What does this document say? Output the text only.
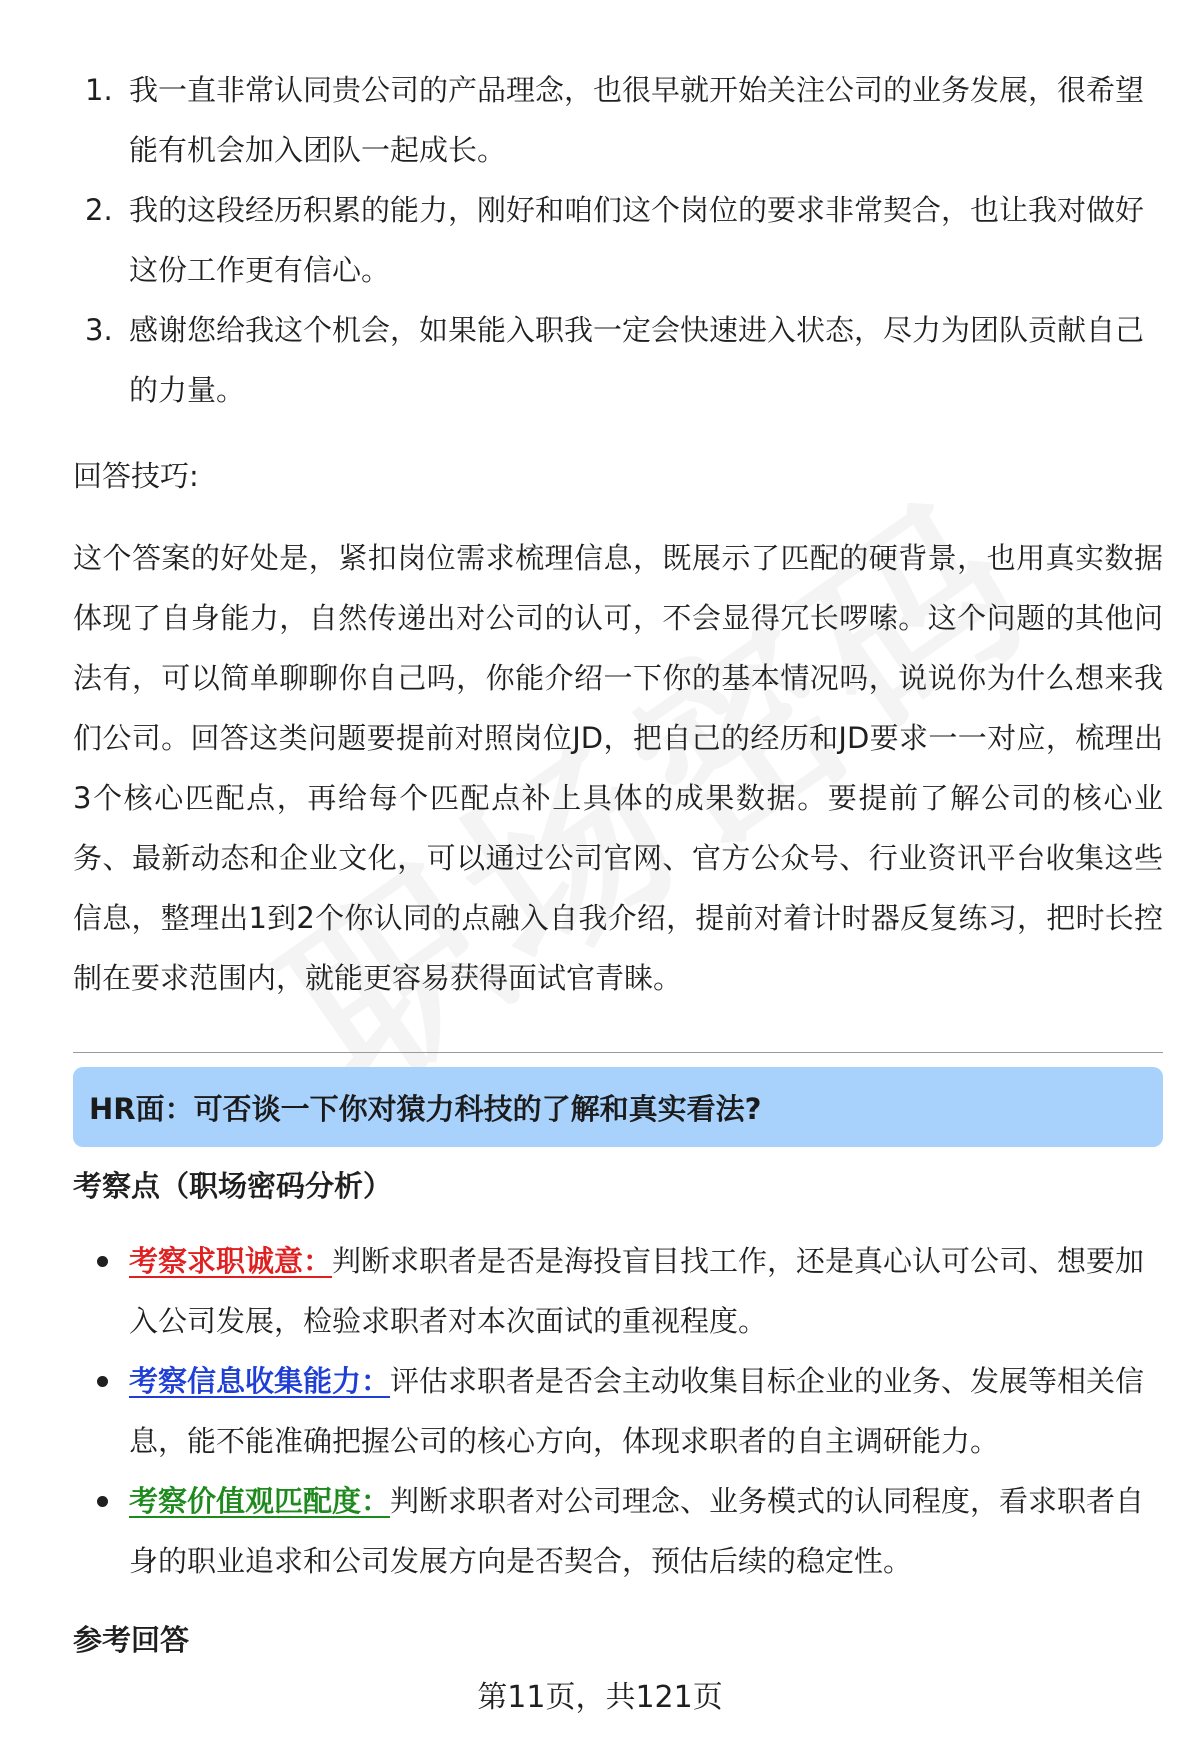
1. 我一直非常认同贵公司的产品理念，也很早就开始关注公司的业务发展，很希望能有机会加入团队一起成长。
2. 我的这段经历积累的能力，刚好和咱们这个岗位的要求非常契合，也让我对做好这份工作更有信心。
3. 感谢您给我这个机会，如果能入职我一定会快速进入状态，尽力为团队贡献自己的力量。
回答技巧:
这个答案的好处是，紧扣岗位需求梳理信息，既展示了匹配的硬背景，也用真实数据体现了自身能力，自然传递出对公司的认可，不会显得冗长啰嗦。这个问题的其他问法有，可以简单聊聊你自己吗，你能介绍一下你的基本情况吗，说说你为什么想来我们公司。回答这类问题要提前对照岗位JD，把自己的经历和JD要求一一对应，梳理出3个核心匹配点，再给每个匹配点补上具体的成果数据。要提前了解公司的核心业务、最新动态和企业文化，可以通过公司官网、官方公众号、行业资讯平台收集这些信息，整理出1到2个你认同的点融入自我介绍，提前对着计时器反复练习，把时长控制在要求范围内，就能更容易获得面试官青睐。
HR面：可否谈一下你对猿力科技的了解和真实看法?
考察点（职场密码分析）
考察求职诚意：判断求职者是否是海投盲目找工作，还是真心认可公司、想要加入公司发展，检验求职者对本次面试的重视程度。
考察信息收集能力：评估求职者是否会主动收集目标企业的业务、发展等相关信息，能不能准确把握公司的核心方向，体现求职者的自主调研能力。
考察价值观匹配度：判断求职者对公司理念、业务模式的认同程度，看求职者自身的职业追求和公司发展方向是否契合，预估后续的稳定性。
参考回答
第11页，共121页
